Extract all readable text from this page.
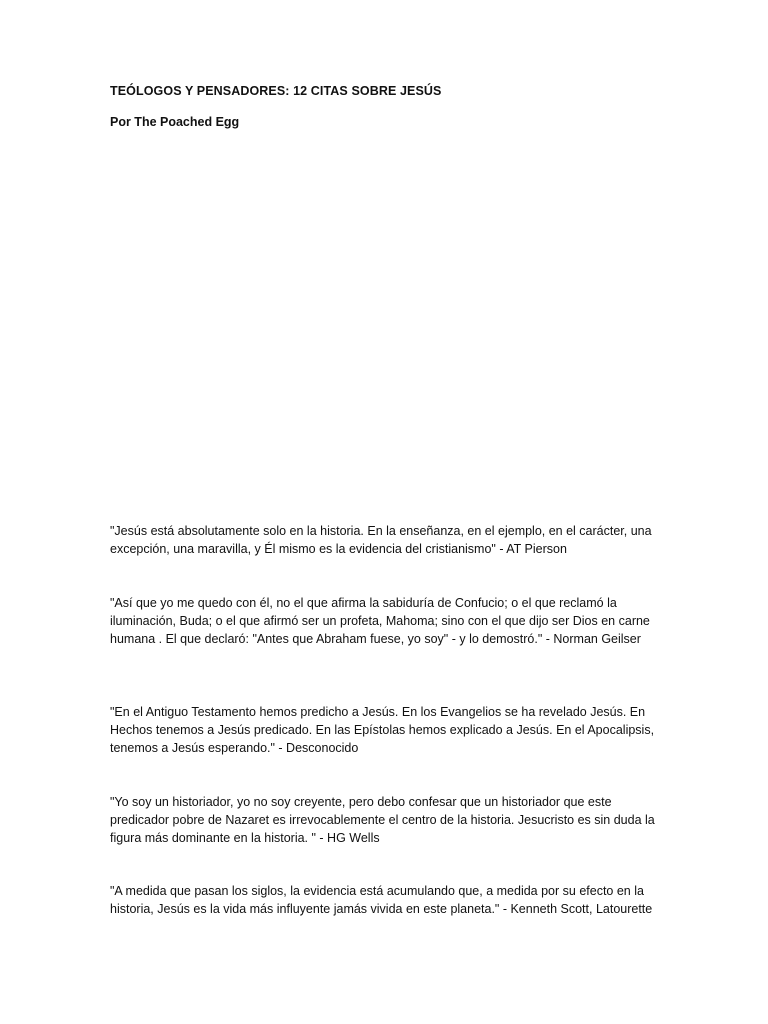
TEÓLOGOS Y PENSADORES: 12 CITAS SOBRE JESÚS
Por The Poached Egg

"Jesús está absolutamente solo en la historia. En la enseñanza, en el ejemplo, en el carácter, una excepción, una maravilla, y Él mismo es la evidencia del cristianismo" - AT Pierson

"Así que yo me quedo con él, no el que afirma la sabiduría de Confucio; o el que reclamó la iluminación, Buda; o el que afirmó ser un profeta, Mahoma; sino con el que dijo ser Dios en carne humana . El que declaró: "Antes que Abraham fuese, yo soy" - y lo demostró." - Norman Geilser

"En el Antiguo Testamento hemos predicho a Jesús. En los Evangelios se ha revelado Jesús. En Hechos tenemos a Jesús predicado. En las Epístolas hemos explicado a Jesús. En el Apocalipsis, tenemos a Jesús esperando." - Desconocido

"Yo soy un historiador, yo no soy creyente, pero debo confesar que un historiador que este predicador pobre de Nazaret es irrevocablemente el centro de la historia. Jesucristo es sin duda la figura más dominante en la historia. " - HG Wells

"A medida que pasan los siglos, la evidencia está acumulando que, a medida por su efecto en la historia, Jesús es la vida más influyente jamás vivida en este planeta." - Kenneth Scott, Latourette
